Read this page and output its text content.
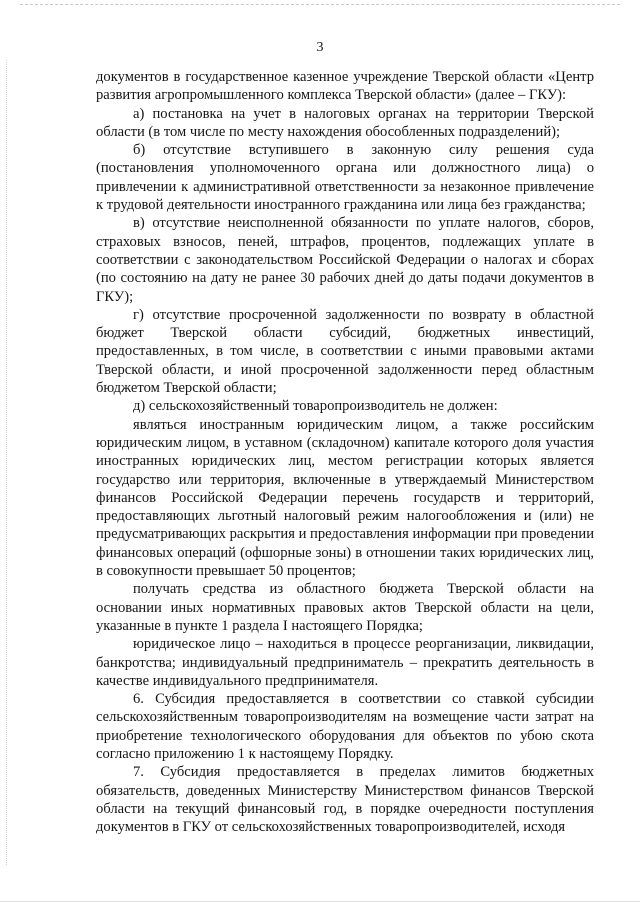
3

документов в государственное казенное учреждение Тверской области «Центр развития агропромышленного комплекса Тверской области» (далее – ГКУ):

а) постановка на учет в налоговых органах на территории Тверской области (в том числе по месту нахождения обособленных подразделений);

б) отсутствие вступившего в законную силу решения суда (постановления уполномоченного органа или должностного лица) о привлечении к административной ответственности за незаконное привлечение к трудовой деятельности иностранного гражданина или лица без гражданства;

в) отсутствие неисполненной обязанности по уплате налогов, сборов, страховых взносов, пеней, штрафов, процентов, подлежащих уплате в соответствии с законодательством Российской Федерации о налогах и сборах (по состоянию на дату не ранее 30 рабочих дней до даты подачи документов в ГКУ);

г) отсутствие просроченной задолженности по возврату в областной бюджет Тверской области субсидий, бюджетных инвестиций, предоставленных, в том числе, в соответствии с иными правовыми актами Тверской области, и иной просроченной задолженности перед областным бюджетом Тверской области;

д) сельскохозяйственный товаропроизводитель не должен:

являться иностранным юридическим лицом, а также российским юридическим лицом, в уставном (складочном) капитале которого доля участия иностранных юридических лиц, местом регистрации которых является государство или территория, включенные в утверждаемый Министерством финансов Российской Федерации перечень государств и территорий, предоставляющих льготный налоговый режим налогообложения и (или) не предусматривающих раскрытия и предоставления информации при проведении финансовых операций (офшорные зоны) в отношении таких юридических лиц, в совокупности превышает 50 процентов;

получать средства из областного бюджета Тверской области на основании иных нормативных правовых актов Тверской области на цели, указанные в пункте 1 раздела I настоящего Порядка;

юридическое лицо – находиться в процессе реорганизации, ликвидации, банкротства; индивидуальный предприниматель – прекратить деятельность в качестве индивидуального предпринимателя.

6. Субсидия предоставляется в соответствии со ставкой субсидии сельскохозяйственным товаропроизводителям на возмещение части затрат на приобретение технологического оборудования для объектов по убою скота согласно приложению 1 к настоящему Порядку.

7. Субсидия предоставляется в пределах лимитов бюджетных обязательств, доведенных Министерству Министерством финансов Тверской области на текущий финансовый год, в порядке очередности поступления документов в ГКУ от сельскохозяйственных товаропроизводителей, исходя
